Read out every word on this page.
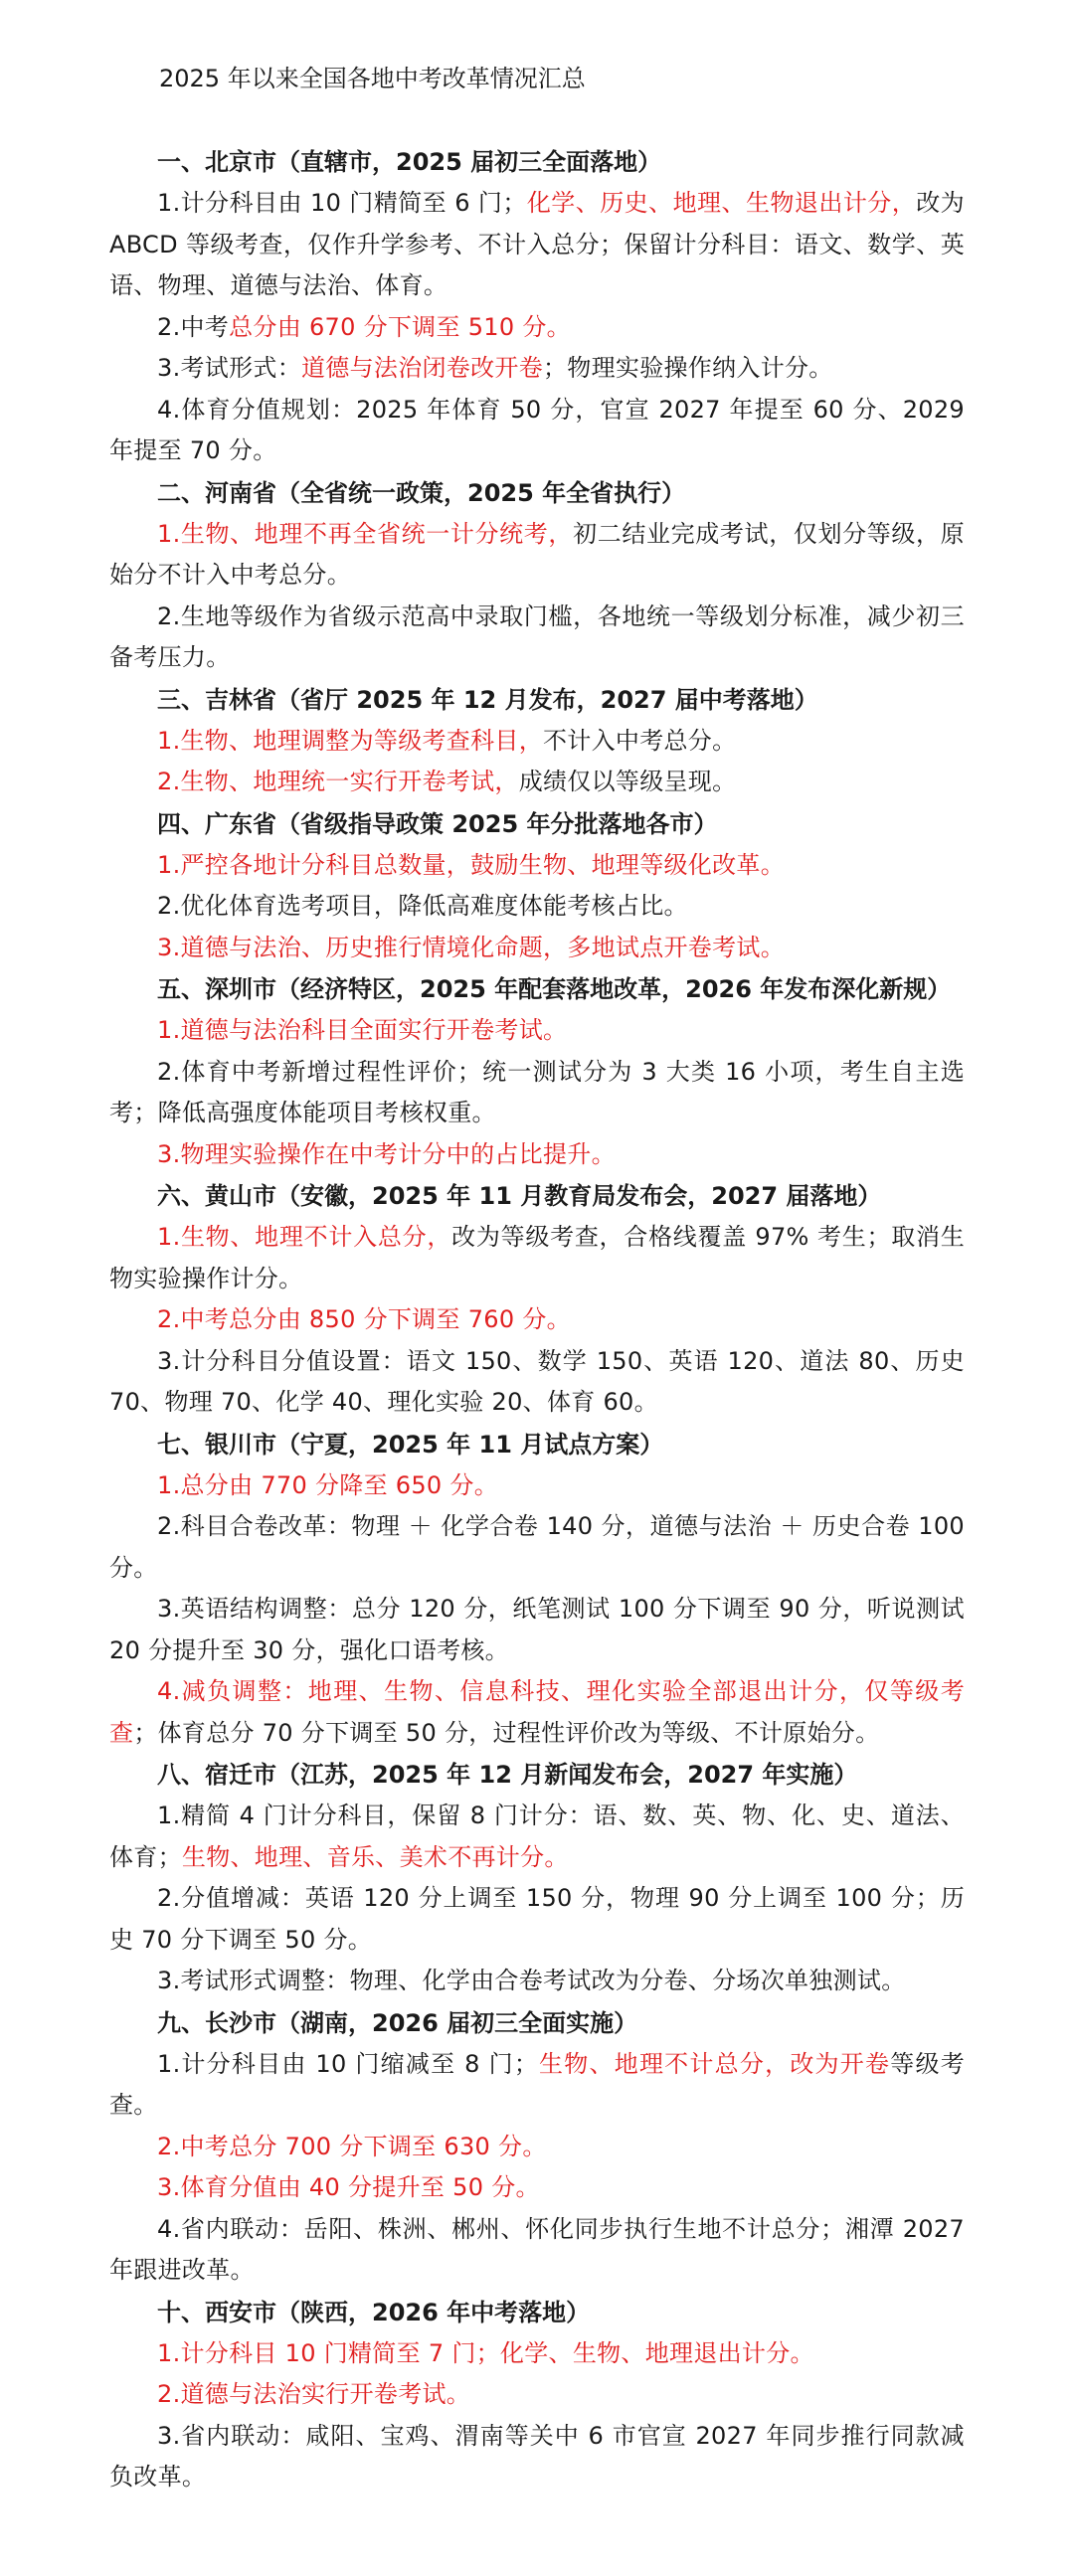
2025 年以来全国各地中考改革情况汇总

一、北京市（直辖市，2025 届初三全面落地）

1.计分科目由 10 门精简至 6 门；化学、历史、地理、生物退出计分，改为 ABCD 等级考查，仅作升学参考、不计入总分；保留计分科目：语文、数学、英语、物理、道德与法治、体育。

2.中考总分由 670 分下调至 510 分。

3.考试形式：道德与法治闭卷改开卷；物理实验操作纳入计分。

4.体育分值规划：2025 年体育 50 分，官宣 2027 年提至 60 分、2029 年提至 70 分。

二、河南省（全省统一政策，2025 年全省执行）

1.生物、地理不再全省统一计分统考，初二结业完成考试，仅划分等级，原始分不计入中考总分。

2.生地等级作为省级示范高中录取门槛，各地统一等级划分标准，减少初三备考压力。

三、吉林省（省厅 2025 年 12 月发布，2027 届中考落地）

1.生物、地理调整为等级考查科目，不计入中考总分。

2.生物、地理统一实行开卷考试，成绩仅以等级呈现。

四、广东省（省级指导政策 2025 年分批落地各市）

1.严控各地计分科目总数量，鼓励生物、地理等级化改革。

2.优化体育选考项目，降低高难度体能考核占比。

3.道德与法治、历史推行情境化命题，多地试点开卷考试。

五、深圳市（经济特区，2025 年配套落地改革，2026 年发布深化新规）

1.道德与法治科目全面实行开卷考试。

2.体育中考新增过程性评价；统一测试分为 3 大类 16 小项，考生自主选考；降低高强度体能项目考核权重。

3.物理实验操作在中考计分中的占比提升。

六、黄山市（安徽，2025 年 11 月教育局发布会，2027 届落地）

1.生物、地理不计入总分，改为等级考查，合格线覆盖 97% 考生；取消生物实验操作计分。

2.中考总分由 850 分下调至 760 分。

3.计分科目分值设置：语文 150、数学 150、英语 120、道法 80、历史 70、物理 70、化学 40、理化实验 20、体育 60。

七、银川市（宁夏，2025 年 11 月试点方案）

1.总分由 770 分降至 650 分。

2.科目合卷改革：物理 ＋ 化学合卷 140 分，道德与法治 ＋ 历史合卷 100 分。

3.英语结构调整：总分 120 分，纸笔测试 100 分下调至 90 分，听说测试 20 分提升至 30 分，强化口语考核。

4.减负调整：地理、生物、信息科技、理化实验全部退出计分，仅等级考查；体育总分 70 分下调至 50 分，过程性评价改为等级、不计原始分。

八、宿迁市（江苏，2025 年 12 月新闻发布会，2027 年实施）

1.精简 4 门计分科目，保留 8 门计分：语、数、英、物、化、史、道法、体育；生物、地理、音乐、美术不再计分。

2.分值增减：英语 120 分上调至 150 分，物理 90 分上调至 100 分；历史 70 分下调至 50 分。

3.考试形式调整：物理、化学由合卷考试改为分卷、分场次单独测试。

九、长沙市（湖南，2026 届初三全面实施）

1.计分科目由 10 门缩减至 8 门；生物、地理不计总分，改为开卷等级考查。

2.中考总分 700 分下调至 630 分。

3.体育分值由 40 分提升至 50 分。

4.省内联动：岳阳、株洲、郴州、怀化同步执行生地不计总分；湘潭 2027 年跟进改革。

十、西安市（陕西，2026 年中考落地）

1.计分科目 10 门精简至 7 门；化学、生物、地理退出计分。

2.道德与法治实行开卷考试。

3.省内联动：咸阳、宝鸡、渭南等关中 6 市官宣 2027 年同步推行同款减负改革。
